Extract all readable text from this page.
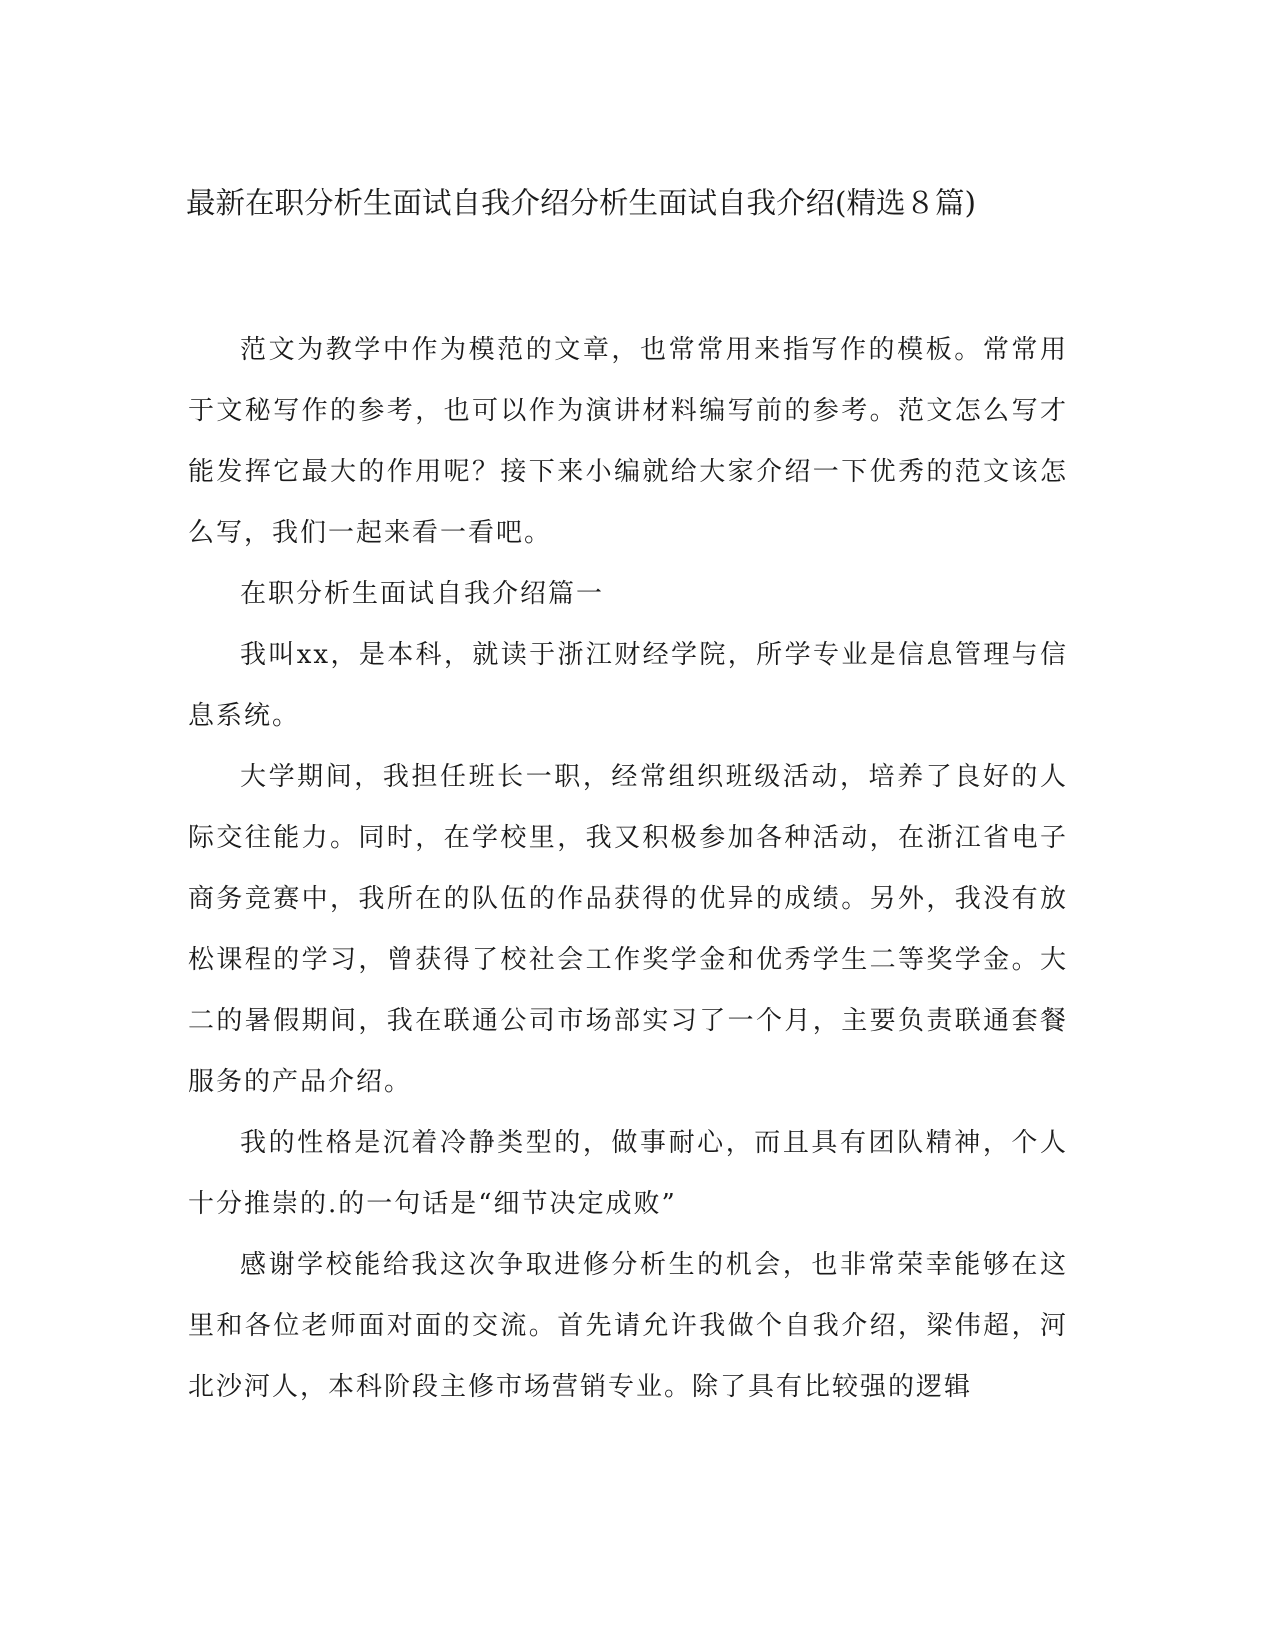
最新在职分析生面试自我介绍分析生面试自我介绍(精选８篇)

范文为教学中作为模范的文章，也常常用来指写作的模板。常常用于文秘写作的参考，也可以作为演讲材料编写前的参考。范文怎么写才能发挥它最大的作用呢？接下来小编就给大家介绍一下优秀的范文该怎么写，我们一起来看一看吧。

在职分析生面试自我介绍篇一

我叫xx，是本科，就读于浙江财经学院，所学专业是信息管理与信息系统。

大学期间，我担任班长一职，经常组织班级活动，培养了良好的人际交往能力。同时，在学校里，我又积极参加各种活动，在浙江省电子商务竞赛中，我所在的队伍的作品获得的优异的成绩。另外，我没有放松课程的学习，曾获得了校社会工作奖学金和优秀学生二等奖学金。大二的暑假期间，我在联通公司市场部实习了一个月，主要负责联通套餐服务的产品介绍。

我的性格是沉着冷静类型的，做事耐心，而且具有团队精神，个人十分推崇的.的一句话是“细节决定成败”

感谢学校能给我这次争取进修分析生的机会，也非常荣幸能够在这里和各位老师面对面的交流。首先请允许我做个自我介绍，梁伟超，河北沙河人，本科阶段主修市场营销专业。除了具有比较强的逻辑
